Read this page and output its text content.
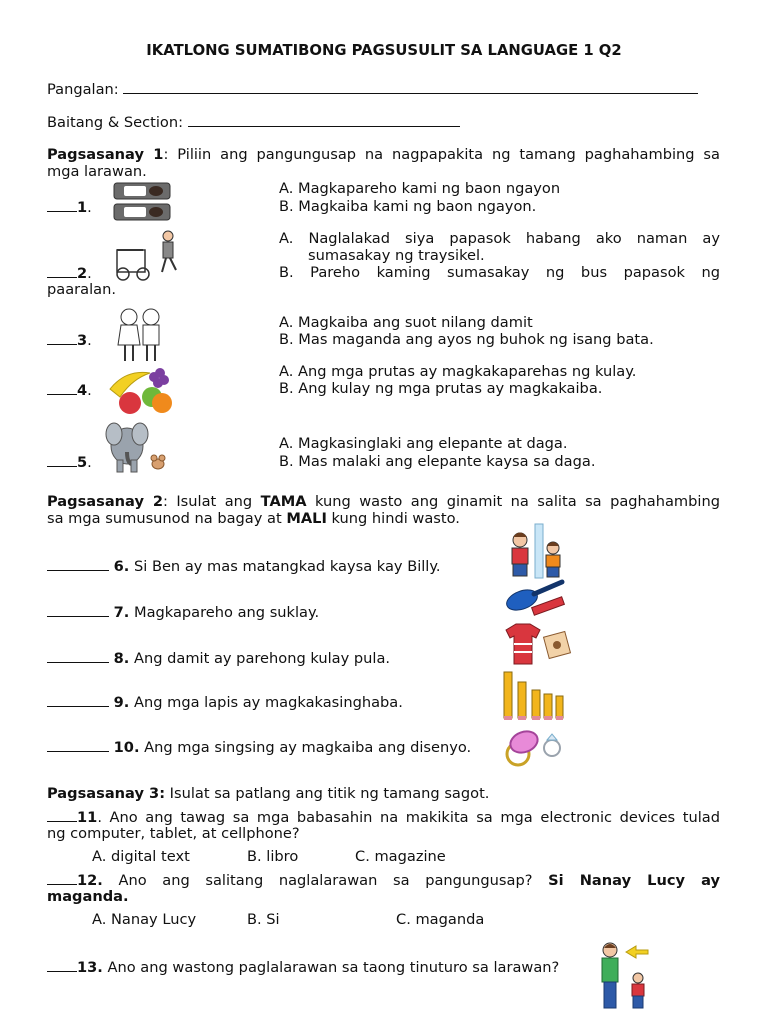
IKATLONG SUMATIBONG PAGSUSULIT SA LANGUAGE 1 Q2
Pangalan:
Baitang & Section:
Pagsasanay 1: Piliin ang pangungusap na nagpapakita ng tamang paghahambing sa
mga larawan.
1.
A. Magkapareho kami ng baon ngayon
B. Magkaiba kami ng baon ngayon.
2.
A. Naglalakad siya papasok habang ako naman ay
sumasakay ng traysikel.
B. Pareho kaming sumasakay ng bus papasok ng
paaralan.
3.
A. Magkaiba ang suot nilang damit
B. Mas maganda ang ayos ng buhok ng isang bata.
4.
A. Ang mga prutas ay magkakaparehas ng kulay.
B. Ang kulay ng mga prutas ay magkakaiba.
5.
A. Magkasinglaki ang elepante at daga.
B. Mas malaki ang elepante kaysa sa daga.
Pagsasanay 2: Isulat ang TAMA kung wasto ang ginamit na salita sa paghahambing
sa mga sumusunod na bagay at MALI kung hindi wasto.
6. Si Ben ay mas matangkad kaysa kay Billy.
7. Magkapareho ang suklay.
8. Ang damit ay parehong kulay pula.
9. Ang mga lapis ay magkakasinghaba.
10. Ang mga singsing ay magkaiba ang disenyo.
Pagsasanay 3: Isulat sa patlang ang titik ng tamang sagot.
11. Ano ang tawag sa mga babasahin na makikita sa mga electronic devices tulad
ng computer, tablet, at cellphone?
A. digital text	B. libro	C. magazine
12. Ano ang salitang naglalarawan sa pangungusap? Si Nanay Lucy ay
maganda.
A. Nanay Lucy	B. Si	C. maganda
13. Ano ang wastong paglalarawan sa taong tinuturo sa larawan?
